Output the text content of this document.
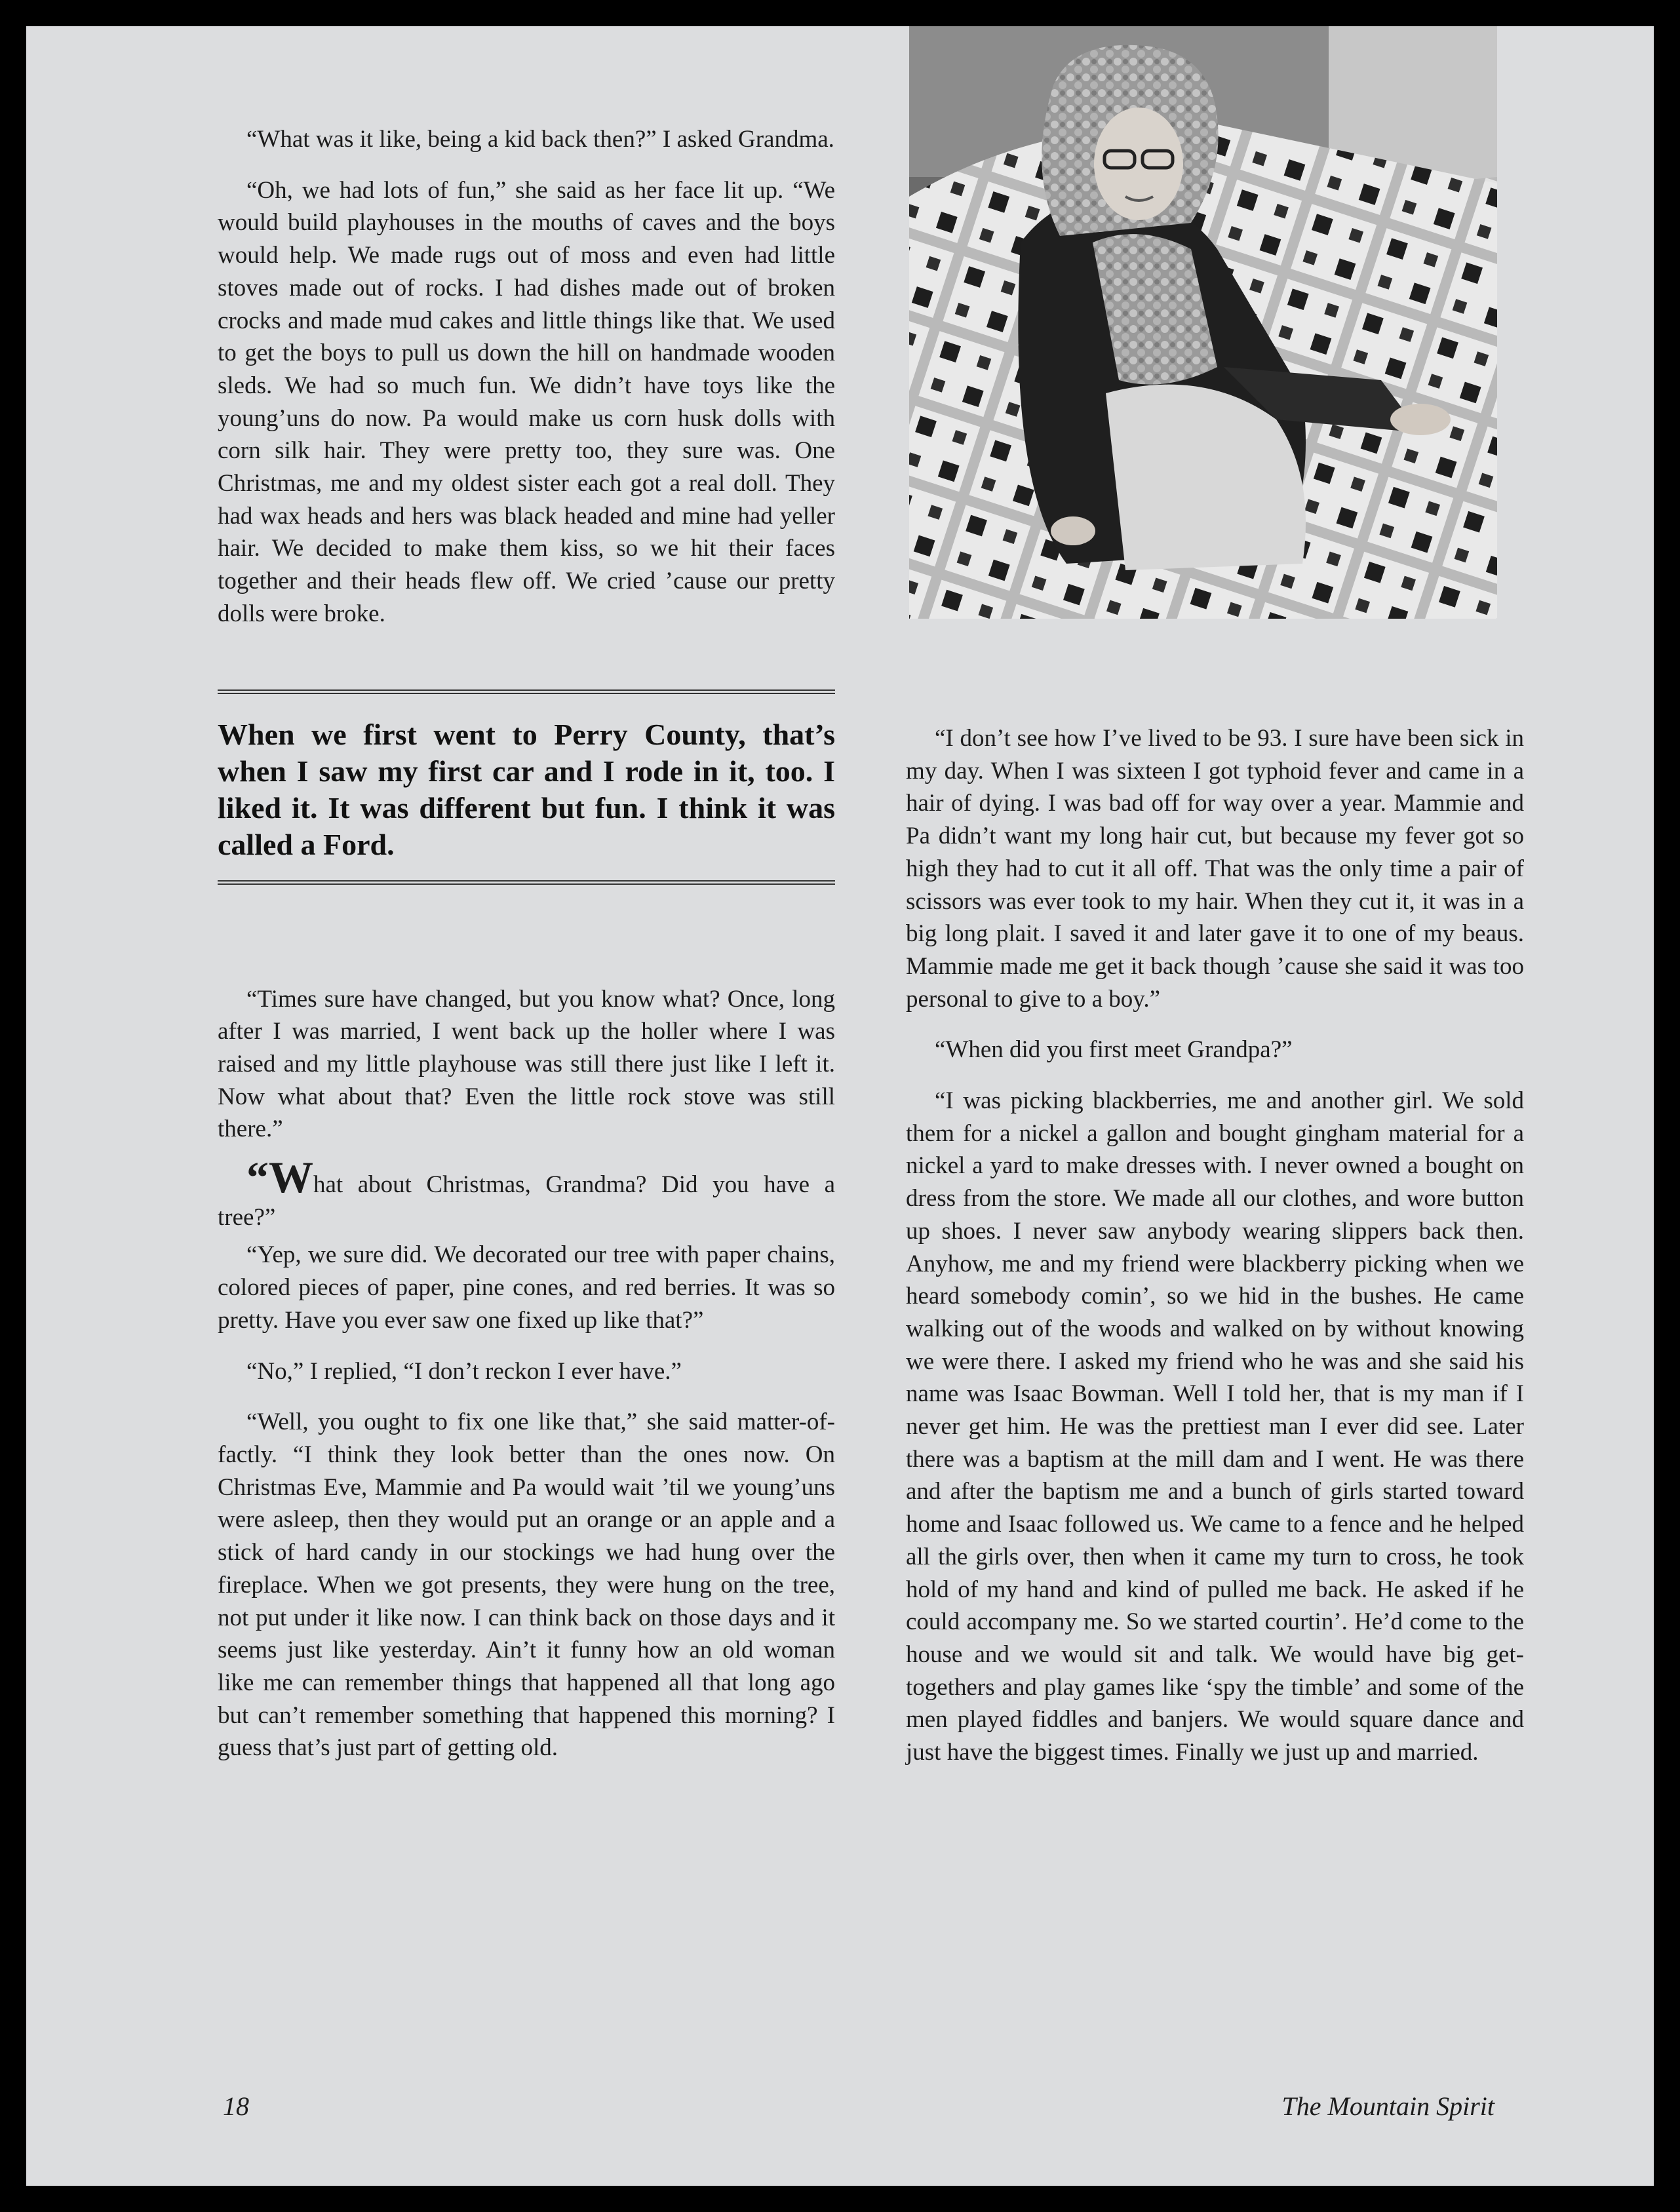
“What was it like, being a kid back then?” I asked Grandma.

“Oh, we had lots of fun,” she said as her face lit up. “We would build playhouses in the mouths of caves and the boys would help. We made rugs out of moss and even had little stoves made out of rocks. I had dishes made out of broken crocks and made mud cakes and little things like that. We used to get the boys to pull us down the hill on handmade wooden sleds. We had so much fun. We didn’t have toys like the young’uns do now. Pa would make us corn husk dolls with corn silk hair. They were pretty too, they sure was. One Christmas, me and my oldest sister each got a real doll. They had wax heads and hers was black headed and mine had yeller hair. We decided to make them kiss, so we hit their faces together and their heads flew off. We cried ’cause our pretty dolls were broke.

When we first went to Perry County, that’s when I saw my first car and I rode in it, too. I liked it. It was different but fun. I think it was called a Ford.

“Times sure have changed, but you know what? Once, long after I was married, I went back up the holler where I was raised and my little playhouse was still there just like I left it. Now what about that? Even the little rock stove was still there.”

“What about Christmas, Grandma? Did you have a tree?”

“Yep, we sure did. We decorated our tree with paper chains, colored pieces of paper, pine cones, and red berries. It was so pretty. Have you ever saw one fixed up like that?”

“No,” I replied, “I don’t reckon I ever have.”

“Well, you ought to fix one like that,” she said matter-of-factly. “I think they look better than the ones now. On Christmas Eve, Mammie and Pa would wait ’til we young’uns were asleep, then they would put an orange or an apple and a stick of hard candy in our stockings we had hung over the fireplace. When we got presents, they were hung on the tree, not put under it like now. I can think back on those days and it seems just like yesterday. Ain’t it funny how an old woman like me can remember things that happened all that long ago but can’t remember something that happened this morning? I guess that’s just part of getting old.

“I don’t see how I’ve lived to be 93. I sure have been sick in my day. When I was sixteen I got typhoid fever and came in a hair of dying. I was bad off for way over a year. Mammie and Pa didn’t want my long hair cut, but because my fever got so high they had to cut it all off. That was the only time a pair of scissors was ever took to my hair. When they cut it, it was in a big long plait. I saved it and later gave it to one of my beaus. Mammie made me get it back though ’cause she said it was too personal to give to a boy.”

“When did you first meet Grandpa?”

“I was picking blackberries, me and another girl. We sold them for a nickel a gallon and bought gingham material for a nickel a yard to make dresses with. I never owned a bought on dress from the store. We made all our clothes, and wore button up shoes. I never saw anybody wearing slippers back then. Anyhow, me and my friend were blackberry picking when we heard somebody comin’, so we hid in the bushes. He came walking out of the woods and walked on by without knowing we were there. I asked my friend who he was and she said his name was Isaac Bowman. Well I told her, that is my man if I never get him. He was the prettiest man I ever did see. Later there was a baptism at the mill dam and I went. He was there and after the baptism me and a bunch of girls started toward home and Isaac followed us. We came to a fence and he helped all the girls over, then when it came my turn to cross, he took hold of my hand and kind of pulled me back. He asked if he could accompany me. So we started courtin’. He’d come to the house and we would sit and talk. We would have big get-togethers and play games like ‘spy the timble’ and some of the men played fiddles and banjers. We would square dance and just have the biggest times. Finally we just up and married.

18	The Mountain Spirit
